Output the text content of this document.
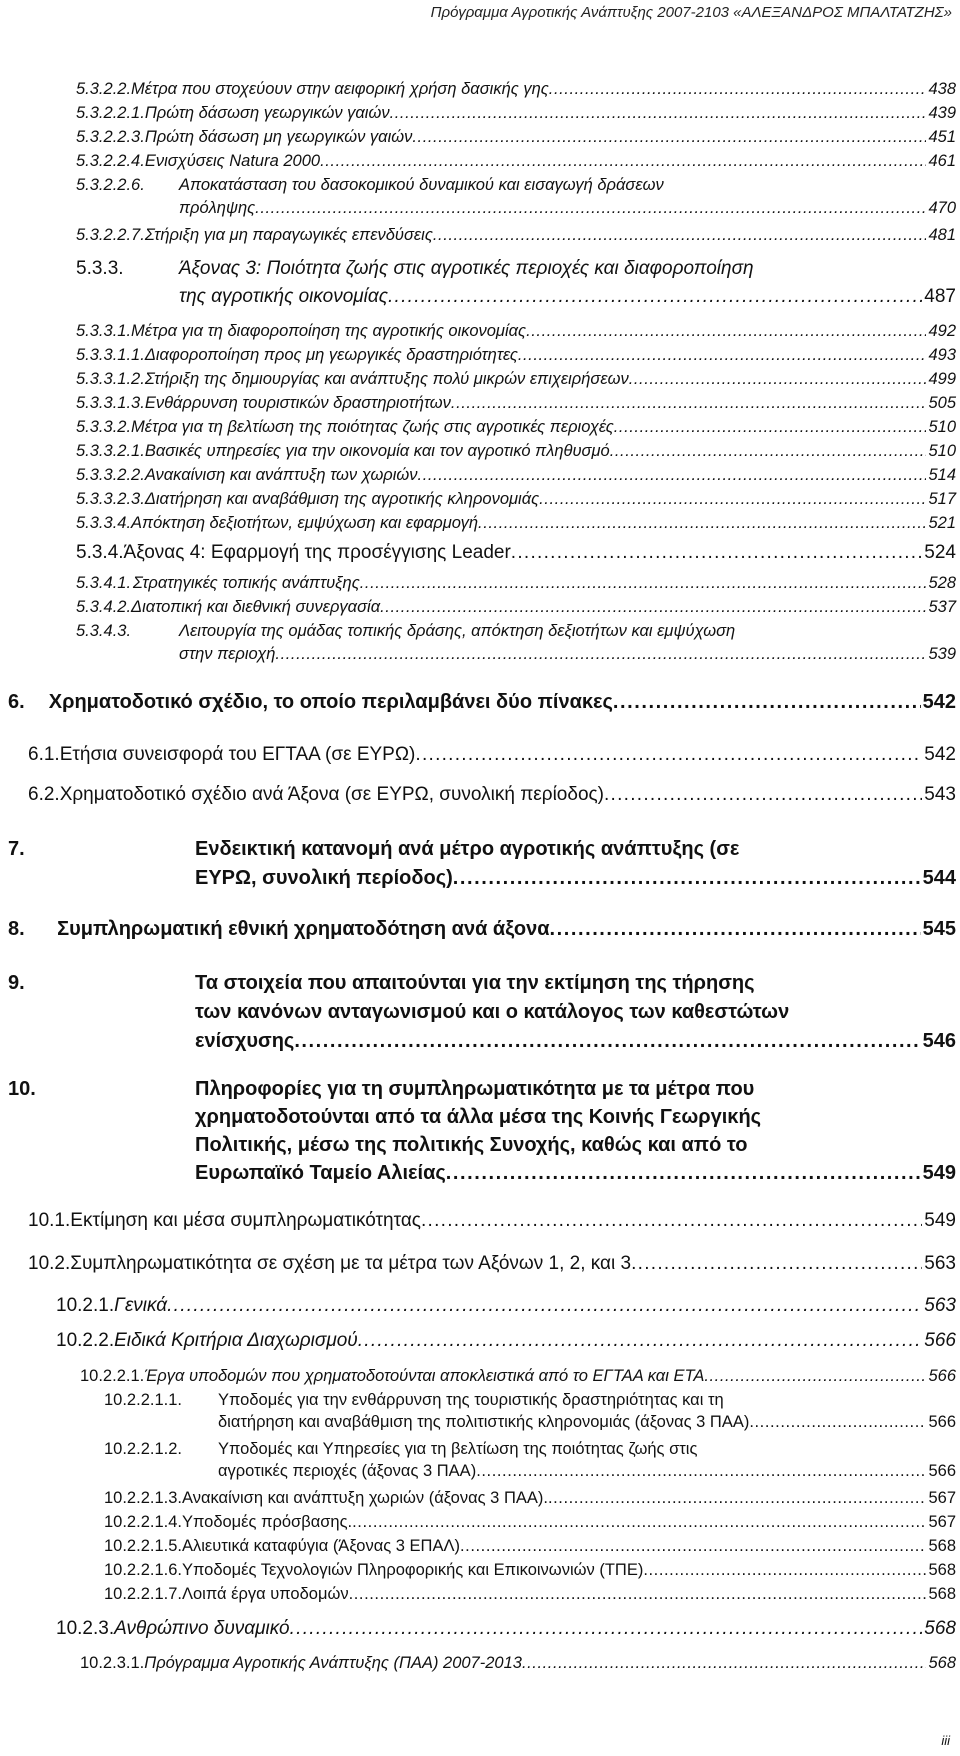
Πρόγραμμα Αγροτικής Ανάπτυξης 2007-2103 «ΑΛΕΞΑΝΔΡΟΣ ΜΠΑΛΤΑΤΖΗΣ»
5.3.2.2. Μέτρα που στοχεύουν στην αειφορική χρήση δασικής γης . . .	438
5.3.2.2.1. Πρώτη δάσωση γεωργικών γαιών . . .	439
5.3.2.2.3. Πρώτη δάσωση μη γεωργικών γαιών . . .	451
5.3.2.2.4. Ενισχύσεις Natura 2000 . . .	461
5.3.2.2.6.	Αποκατάσταση του δασοκομικού δυναμικού και εισαγωγή δράσεων
πρόληψης . . .	470
5.3.2.2.7. Στήριξη για μη παραγωγικές επενδύσεις . . .	481
5.3.3.	Άξονας 3: Ποιότητα ζωής στις αγροτικές περιοχές και διαφοροποίηση
της αγροτικής οικονομίας . . .	487
5.3.3.1. Μέτρα για τη διαφοροποίηση της αγροτικής οικονομίας . . .	492
5.3.3.1.1. Διαφοροποίηση προς μη γεωργικές δραστηριότητες . . .	493
5.3.3.1.2. Στήριξη της δημιουργίας και ανάπτυξης πολύ μικρών επιχειρήσεων . . .	499
5.3.3.1.3. Ενθάρρυνση τουριστικών δραστηριοτήτων . . .	505
5.3.3.2. Μέτρα για τη βελτίωση της ποιότητας ζωής στις αγροτικές περιοχές . . .	510
5.3.3.2.1. Βασικές υπηρεσίες για την οικονομία και τον αγροτικό πληθυσμό . . .	510
5.3.3.2.2. Ανακαίνιση και ανάπτυξη των χωριών . . .	514
5.3.3.2.3. Διατήρηση και αναβάθμιση της αγροτικής κληρονομιάς . . .	517
5.3.3.4. Απόκτηση δεξιοτήτων, εμψύχωση και εφαρμογή . . .	521
5.3.4. Άξονας 4: Εφαρμογή της προσέγγισης Leader . . .	524
5.3.4.1. Στρατηγικές τοπικής ανάπτυξης . . .	528
5.3.4.2. Διατοπική και διεθνική συνεργασία . . .	537
5.3.4.3.	Λειτουργία της ομάδας τοπικής δράσης, απόκτηση δεξιοτήτων και εμψύχωση
στην περιοχή . . .	539
6.	Χρηματοδοτικό σχέδιο, το οποίο περιλαμβάνει δύο πίνακες . . .	542
6.1. Ετήσια συνεισφορά του ΕΓΤΑΑ (σε ΕΥΡΩ) . . .	542
6.2. Χρηματοδοτικό σχέδιο ανά Άξονα (σε ΕΥΡΩ, συνολική περίοδος) . . .	543
7.	Ενδεικτική κατανομή ανά μέτρο αγροτικής ανάπτυξης (σε
ΕΥΡΩ, συνολική περίοδος) . . .	544
8.	Συμπληρωματική εθνική χρηματοδότηση ανά άξονα . . .	545
9.	Τα στοιχεία που απαιτούνται για την εκτίμηση της τήρησης
των κανόνων ανταγωνισμού και ο κατάλογος των καθεστώτων
ενίσχυσης . . .	546
10.	Πληροφορίες για τη συμπληρωματικότητα με τα μέτρα που
χρηματοδοτούνται από τα άλλα μέσα της Κοινής Γεωργικής
Πολιτικής, μέσω της πολιτικής Συνοχής, καθώς και από το
Ευρωπαϊκό Ταμείο Αλιείας . . .	549
10.1. Εκτίμηση και μέσα συμπληρωματικότητας . . .	549
10.2. Συμπληρωματικότητα σε σχέση με τα μέτρα των Αξόνων 1, 2, και 3 . . .	563
10.2.1. Γενικά . . .	563
10.2.2. Ειδικά Κριτήρια Διαχωρισμού . . .	566
10.2.2.1. Έργα υποδομών που χρηματοδοτούνται αποκλειστικά από το ΕΓΤΑΑ και ΕΤΑ . . .	566
10.2.2.1.1.	Υποδομές για την ενθάρρυνση της τουριστικής δραστηριότητας και τη
διατήρηση και αναβάθμιση της πολιτιστικής κληρονομιάς (άξονας 3 ΠΑΑ) . . .	566
10.2.2.1.2.	Υποδομές και Υπηρεσίες για τη βελτίωση της ποιότητας ζωής στις
αγροτικές περιοχές (άξονας 3 ΠΑΑ) . . .	566
10.2.2.1.3. Ανακαίνιση και ανάπτυξη χωριών (άξονας 3 ΠΑΑ). . . .	567
10.2.2.1.4. Υποδομές πρόσβασης. . . .	567
10.2.2.1.5. Αλιευτικά καταφύγια (Άξονας 3 ΕΠΑΛ) . . .	568
10.2.2.1.6. Υποδομές Τεχνολογιών Πληροφορικής και Επικοινωνιών (ΤΠΕ) . . .	568
10.2.2.1.7. Λοιπά έργα υποδομών . . .	568
10.2.3. Ανθρώπινο δυναμικό . . .	568
10.2.3.1. Πρόγραμμα Αγροτικής Ανάπτυξης (ΠΑΑ) 2007-2013 . . .	568
iii
